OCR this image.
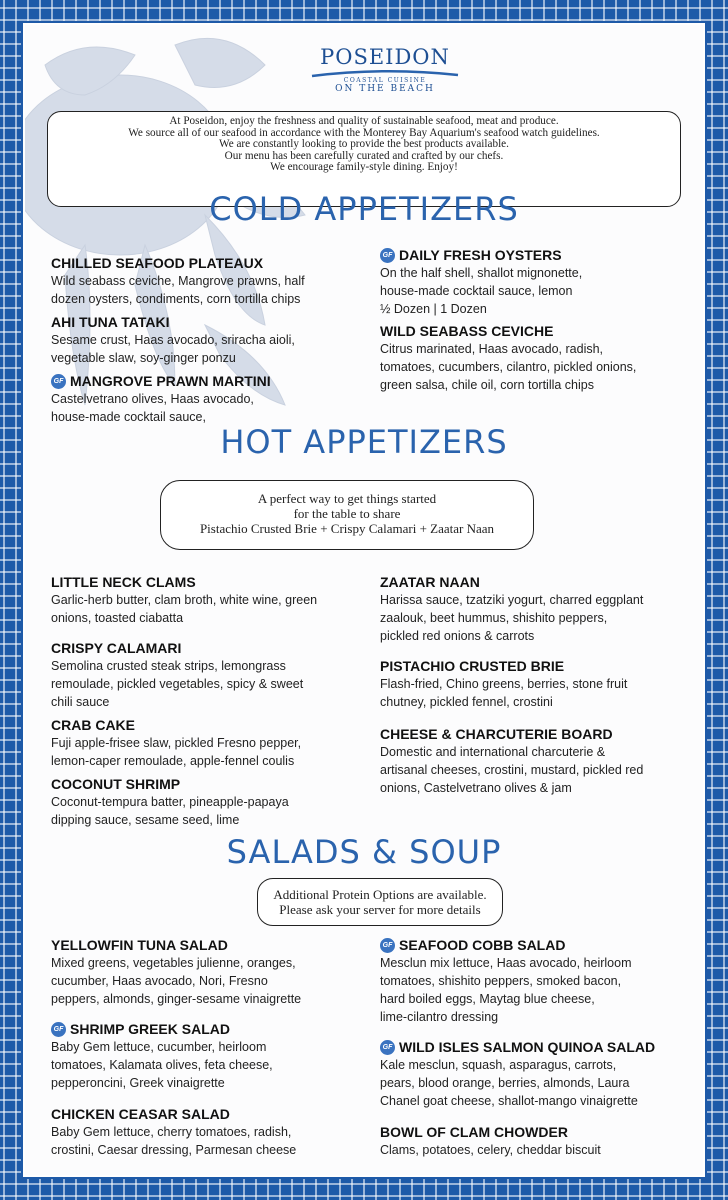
POSEIDON
COASTAL CUISINE
ON THE BEACH
At Poseidon, enjoy the freshness and quality of sustainable seafood, meat and produce.
We source all of our seafood in accordance with the Monterey Bay Aquarium's seafood watch guidelines.
We are constantly looking to provide the best products available.
Our menu has been carefully curated and crafted by our chefs.
We encourage family-style dining. Enjoy!
COLD APPETIZERS
CHILLED SEAFOOD PLATEAUX
Wild seabass ceviche, Mangrove prawns, half
dozen oysters, condiments, corn tortilla chips
AHI TUNA TATAKI
Sesame crust, Haas avocado, sriracha aioli,
vegetable slaw, soy-ginger ponzu
GF MANGROVE PRAWN MARTINI
Castelvetrano olives, Haas avocado,
house-made cocktail sauce,
GF DAILY FRESH OYSTERS
On the half shell, shallot mignonette,
house-made cocktail sauce, lemon
½ Dozen | 1 Dozen
WILD SEABASS CEVICHE
Citrus marinated, Haas avocado, radish,
tomatoes, cucumbers, cilantro, pickled onions,
green salsa, chile oil, corn tortilla chips
HOT APPETIZERS
A perfect way to get things started
for the table to share
Pistachio Crusted Brie + Crispy Calamari + Zaatar Naan
LITTLE NECK CLAMS
Garlic-herb butter, clam broth, white wine, green
onions, toasted ciabatta
CRISPY CALAMARI
Semolina crusted steak strips, lemongrass
remoulade, pickled vegetables, spicy & sweet
chili sauce
CRAB CAKE
Fuji apple-frisee slaw, pickled Fresno pepper,
lemon-caper remoulade, apple-fennel coulis
COCONUT SHRIMP
Coconut-tempura batter, pineapple-papaya
dipping sauce, sesame seed, lime
ZAATAR NAAN
Harissa sauce, tzatziki yogurt, charred eggplant
zaalouk, beet hummus, shishito peppers,
pickled red onions & carrots
PISTACHIO CRUSTED BRIE
Flash-fried, Chino greens, berries, stone fruit
chutney, pickled fennel, crostini
CHEESE & CHARCUTERIE BOARD
Domestic and international charcuterie &
artisanal cheeses, crostini, mustard, pickled red
onions, Castelvetrano olives & jam
SALADS & SOUP
Additional Protein Options are available.
Please ask your server for more details
YELLOWFIN TUNA SALAD
Mixed greens, vegetables julienne, oranges,
cucumber, Haas avocado, Nori, Fresno
peppers, almonds, ginger-sesame vinaigrette
GF SHRIMP GREEK SALAD
Baby Gem lettuce, cucumber, heirloom
tomatoes, Kalamata olives, feta cheese,
pepperoncini, Greek vinaigrette
CHICKEN CEASAR SALAD
Baby Gem lettuce, cherry tomatoes, radish,
crostini, Caesar dressing, Parmesan cheese
GF SEAFOOD COBB SALAD
Mesclun mix lettuce, Haas avocado, heirloom
tomatoes, shishito peppers, smoked bacon,
hard boiled eggs, Maytag blue cheese,
lime-cilantro dressing
GF WILD ISLES SALMON QUINOA SALAD
Kale mesclun, squash, asparagus, carrots,
pears, blood orange, berries, almonds, Laura
Chanel goat cheese, shallot-mango vinaigrette
BOWL OF CLAM CHOWDER
Clams, potatoes, celery, cheddar biscuit
